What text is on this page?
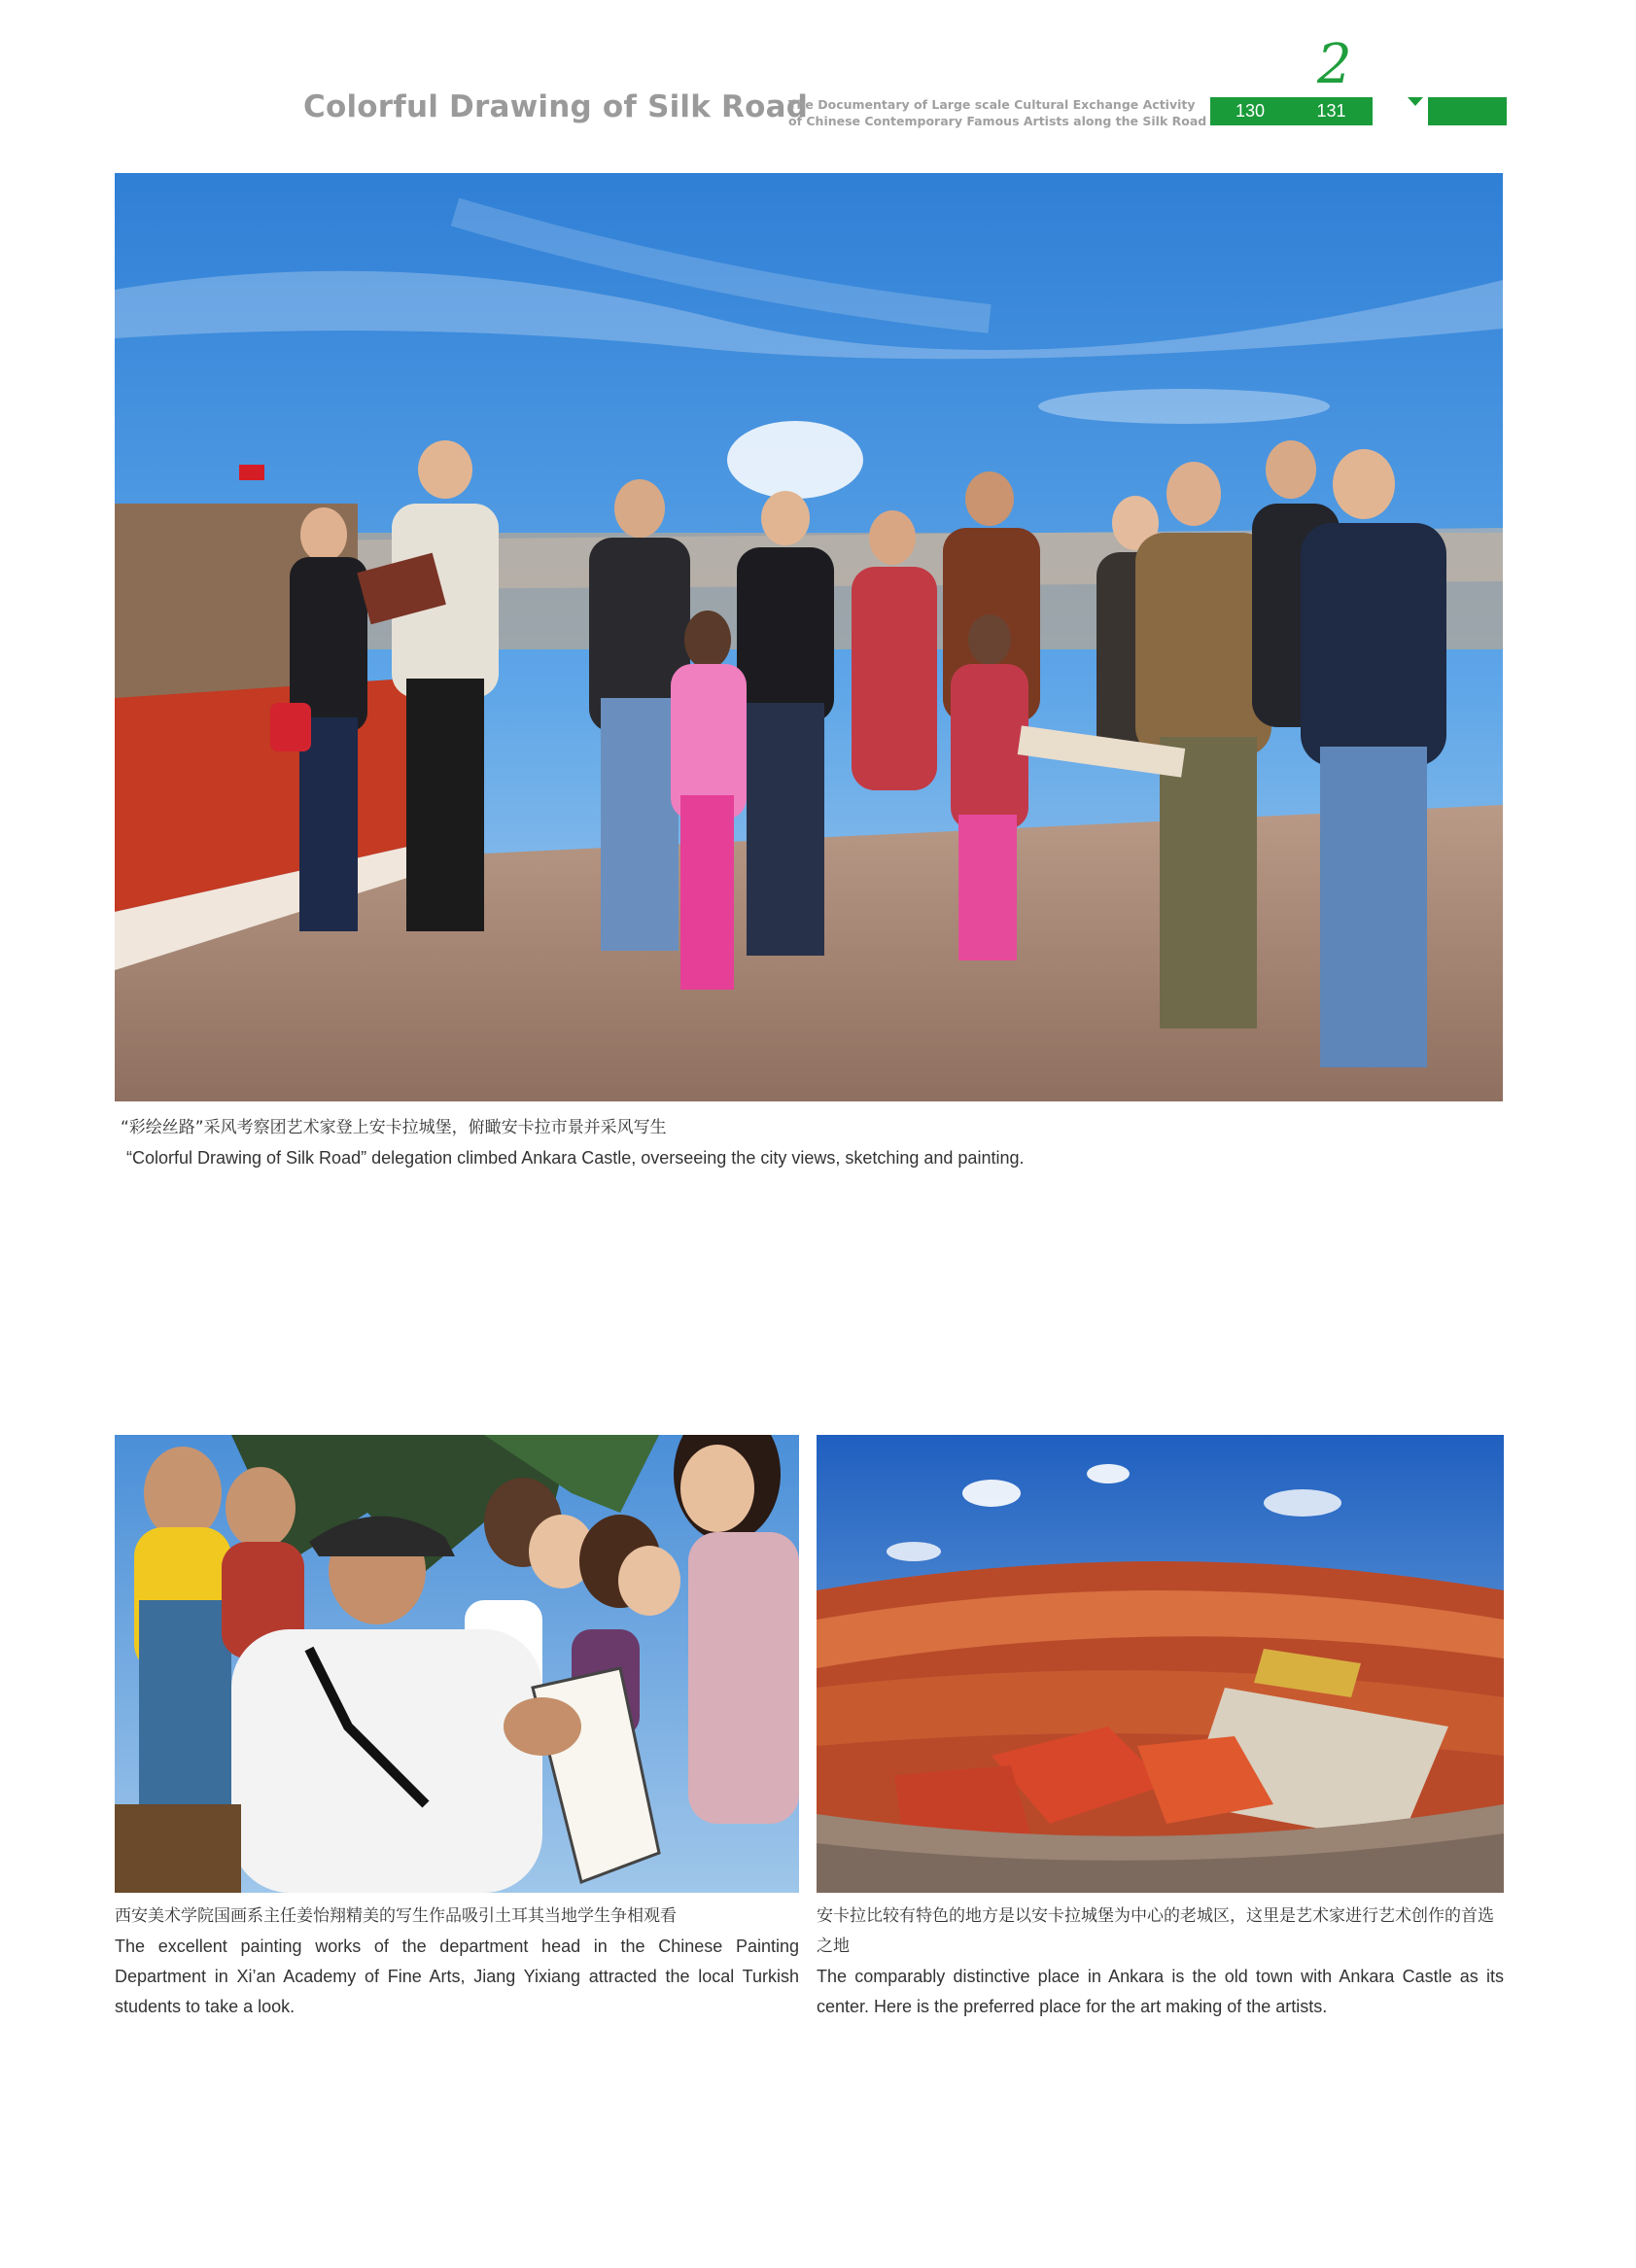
Colorful Drawing of Silk Road
The Documentary of Large scale Cultural Exchange Activity
of Chinese Contemporary Famous Artists along the Silk Road
2
130	131
“彩绘丝路”采风考察团艺术家登上安卡拉城堡，俯瞰安卡拉市景并采风写生
“Colorful Drawing of Silk Road” delegation climbed Ankara Castle, overseeing the city views, sketching and painting.
西安美术学院国画系主任姜怡翔精美的写生作品吸引土耳其当地学生争相观看
The excellent painting works of the department head in the Chinese Painting Department in Xi’an Academy of Fine Arts, Jiang Yixiang attracted the local Turkish students to take a look.
安卡拉比较有特色的地方是以安卡拉城堡为中心的老城区，这里是艺术家进行艺术创作的首选之地
The comparably distinctive place in Ankara is the old town with Ankara Castle as its center. Here is the preferred place for the art making of the artists.
